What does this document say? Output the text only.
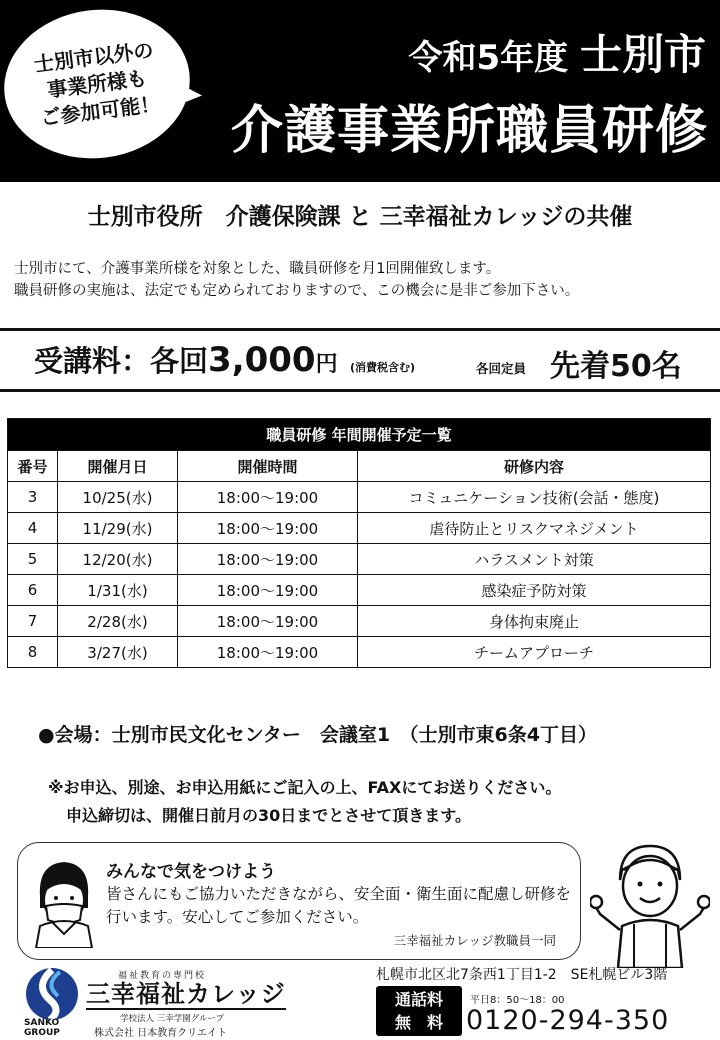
士別市以外の
事業所様も
ご参加可能！
令和5年度 士別市
介護事業所職員研修
士別市役所　介護保険課 と 三幸福祉カレッジの共催
士別市にて、介護事業所様を対象とした、職員研修を月1回開催致します。
職員研修の実施は、法定でも定められておりますので、この機会に是非ご参加下さい。
受講料：各回3,000円 (消費税含む)	各回定員 先着50名
職員研修 年間開催予定一覧			
番号	開催月日	開催時間	研修内容
3	10/25(水)	18:00〜19:00	コミュニケーション技術(会話・態度)
4	11/29(水)	18:00〜19:00	虐待防止とリスクマネジメント
5	12/20(水)	18:00〜19:00	ハラスメント対策
6	1/31(水)	18:00〜19:00	感染症予防対策
7	2/28(水)	18:00〜19:00	身体拘束廃止
8	3/27(水)	18:00〜19:00	チームアプローチ
●会場：士別市民文化センター　会議室1　（士別市東6条4丁目）
※お申込、別途、お申込用紙にご記入の上、FAXにてお送りください。
申込締切は、開催日前月の30日までとさせて頂きます。
みんなで気をつけよう
皆さんにもご協力いただきながら、安全面・衛生面に配慮し研修を行います。安心してご参加ください。
三幸福祉カレッジ教職員一同
SANKO
GROUP
福祉教育の専門校
三幸福祉カレッジ
学校法人 三幸学園グループ
株式会社 日本教育クリエイト
札幌市北区北7条西1丁目1-2　SE札幌ビル3階
通話料
無　料
平日8：50〜18：00
0120-294-350
